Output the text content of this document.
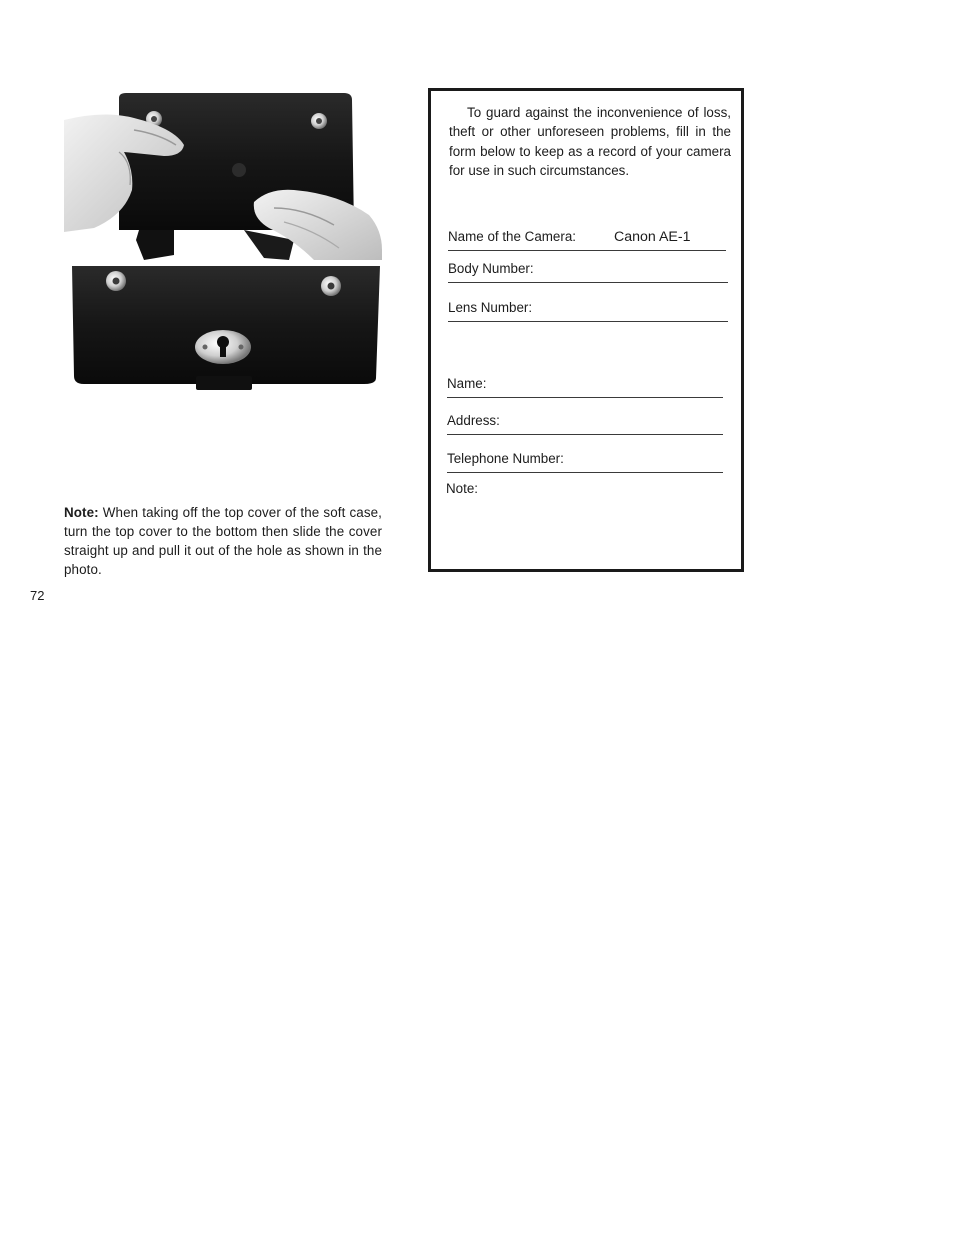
Note: When taking off the top cover of the soft case, turn the top cover to the bottom then slide the cover straight up and pull it out of the hole as shown in the photo.
72
To guard against the inconvenience of loss, theft or other unforeseen problems, fill in the form below to keep as a record of your camera for use in such circumstances.
Name of the Camera:	Canon AE-1
Body Number:
Lens Number:
Name:
Address:
Telephone Number:
Note:
